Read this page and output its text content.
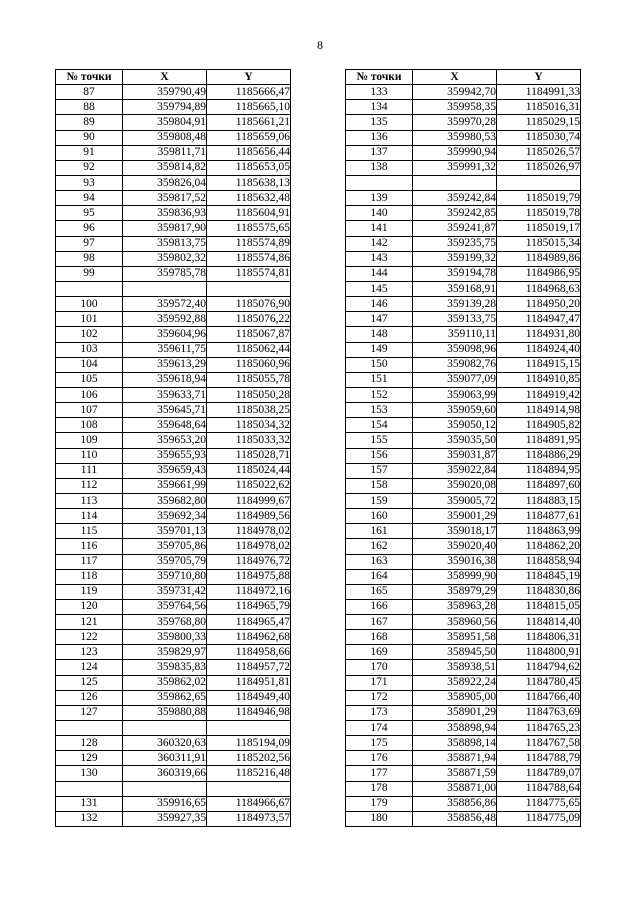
8
№ точки	X	Y
87	359790,49	1185666,47
88	359794,89	1185665,10
89	359804,91	1185661,21
90	359808,48	1185659,06
91	359811,71	1185656,44
92	359814,82	1185653,05
93	359826,04	1185638,13
94	359817,52	1185632,48
95	359836,93	1185604,91
96	359817,90	1185575,65
97	359813,75	1185574,89
98	359802,32	1185574,86
99	359785,78	1185574,81

100	359572,40	1185076,90
101	359592,88	1185076,22
102	359604,96	1185067,87
103	359611,75	1185062,44
104	359613,29	1185060,96
105	359618,94	1185055,78
106	359633,71	1185050,28
107	359645,71	1185038,25
108	359648,64	1185034,32
109	359653,20	1185033,32
110	359655,93	1185028,71
111	359659,43	1185024,44
112	359661,99	1185022,62
113	359682,80	1184999,67
114	359692,34	1184989,56
115	359701,13	1184978,02
116	359705,86	1184978,02
117	359705,79	1184976,72
118	359710,80	1184975,88
119	359731,42	1184972,16
120	359764,56	1184965,79
121	359768,80	1184965,47
122	359800,33	1184962,68
123	359829,97	1184958,66
124	359835,83	1184957,72
125	359862,02	1184951,81
126	359862,65	1184949,40
127	359880,88	1184946,98

128	360320,63	1185194,09
129	360311,91	1185202,56
130	360319,66	1185216,48

131	359916,65	1184966,67
132	359927,35	1184973,57
№ точки	X	Y
133	359942,70	1184991,33
134	359958,35	1185016,31
135	359970,28	1185029,15
136	359980,53	1185030,74
137	359990,94	1185026,57
138	359991,32	1185026,97

139	359242,84	1185019,79
140	359242,85	1185019,78
141	359241,87	1185019,17
142	359235,75	1185015,34
143	359199,32	1184989,86
144	359194,78	1184986,95
145	359168,91	1184968,63
146	359139,28	1184950,20
147	359133,75	1184947,47
148	359110,11	1184931,80
149	359098,96	1184924,40
150	359082,76	1184915,15
151	359077,09	1184910,85
152	359063,99	1184919,42
153	359059,60	1184914,98
154	359050,12	1184905,82
155	359035,50	1184891,95
156	359031,87	1184886,29
157	359022,84	1184894,95
158	359020,08	1184897,60
159	359005,72	1184883,15
160	359001,29	1184877,61
161	359018,17	1184863,99
162	359020,40	1184862,20
163	359016,38	1184858,94
164	358999,90	1184845,19
165	358979,29	1184830,86
166	358963,28	1184815,05
167	358960,56	1184814,40
168	358951,58	1184806,31
169	358945,50	1184800,91
170	358938,51	1184794,62
171	358922,24	1184780,45
172	358905,00	1184766,40
173	358901,29	1184763,69
174	358898,94	1184765,23
175	358898,14	1184767,58
176	358871,94	1184788,79
177	358871,59	1184789,07
178	358871,00	1184788,64
179	358856,86	1184775,65
180	358856,48	1184775,09
